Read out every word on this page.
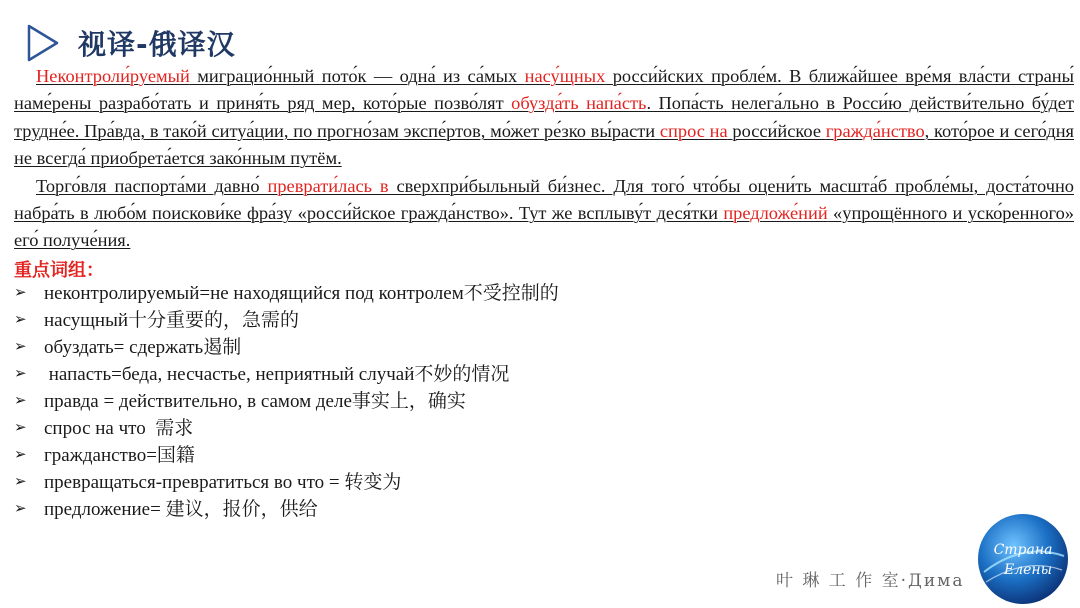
视译-俄译汉

Неконтроли́руемый миграцио́нный пото́к — одна́ из са́мых насу́щных росси́йских пробле́м. В ближа́йшее вре́мя вла́сти страны́ наме́рены разрабо́тать и приня́ть ряд мер, кото́рые позво́лят обузда́ть напа́сть. Попа́сть нелега́льно в Росси́ю действи́тельно бу́дет трудне́е. Пра́вда, в тако́й ситуа́ции, по прогно́зам экспе́ртов, мо́жет ре́зко вы́расти спрос на росси́йское гражда́нство, кото́рое и сего́дня не всегда́ приобрета́ется зако́нным путём.

Торго́вля паспорта́ми давно́ преврати́лась в сверхпри́быльный би́знес. Для того́ что́бы оцени́ть масшта́б пробле́мы, доста́точно набра́ть в любо́м поискови́ке фра́зу «росси́йское гражда́нство». Тут же всплыву́т деся́тки предложе́ний «упрощённого и уско́ренного» его́ получе́ния.

重点词组：
➢ неконтролируемый=не находящийся под контролем不受控制的
➢ насущный十分重要的，急需的
➢ обуздать= сдержать遏制
➢ напасть=беда, несчастье, неприятный случай不妙的情况
➢ правда = действительно, в самом деле事实上，确实
➢ спрос на что  需求
➢ гражданство=国籍
➢ превращаться-превратиться во что = 转变为
➢ предложение= 建议，报价，供给
叶 琳 工 作 室·Дима
Страна
Елены
